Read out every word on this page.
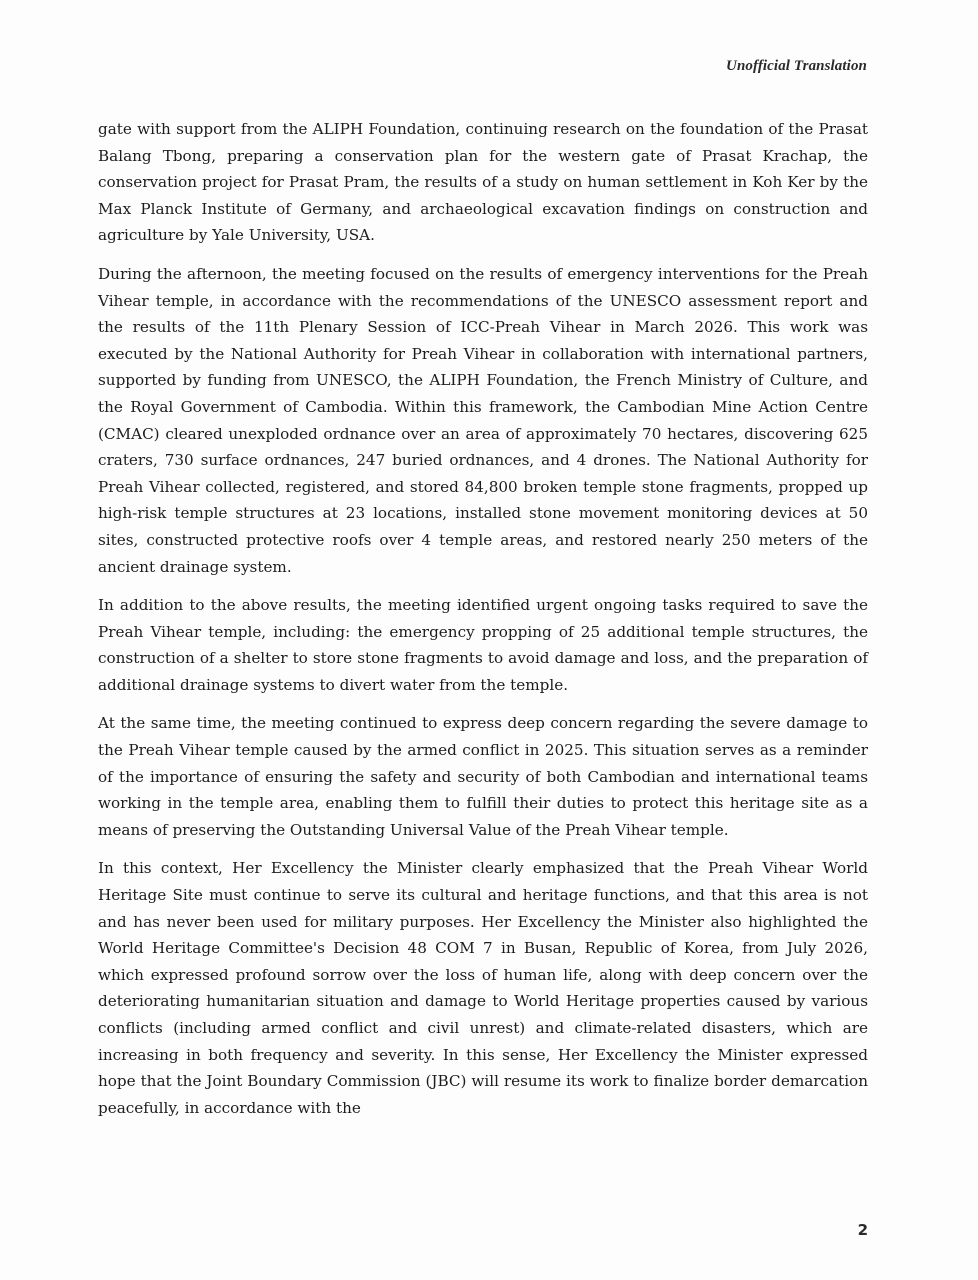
Unofficial Translation

gate with support from the ALIPH Foundation, continuing research on the foundation of the Prasat Balang Tbong, preparing a conservation plan for the western gate of Prasat Krachap, the conservation project for Prasat Pram, the results of a study on human settlement in Koh Ker by the Max Planck Institute of Germany, and archaeological excavation findings on construction and agriculture by Yale University, USA.

During the afternoon, the meeting focused on the results of emergency interventions for the Preah Vihear temple, in accordance with the recommendations of the UNESCO assessment report and the results of the 11th Plenary Session of ICC-Preah Vihear in March 2026. This work was executed by the National Authority for Preah Vihear in collaboration with international partners, supported by funding from UNESCO, the ALIPH Foundation, the French Ministry of Culture, and the Royal Government of Cambodia. Within this framework, the Cambodian Mine Action Centre (CMAC) cleared unexploded ordnance over an area of approximately 70 hectares, discovering 625 craters, 730 surface ordnances, 247 buried ordnances, and 4 drones. The National Authority for Preah Vihear collected, registered, and stored 84,800 broken temple stone fragments, propped up high-risk temple structures at 23 locations, installed stone movement monitoring devices at 50 sites, constructed protective roofs over 4 temple areas, and restored nearly 250 meters of the ancient drainage system.

In addition to the above results, the meeting identified urgent ongoing tasks required to save the Preah Vihear temple, including: the emergency propping of 25 additional temple structures, the construction of a shelter to store stone fragments to avoid damage and loss, and the preparation of additional drainage systems to divert water from the temple.

At the same time, the meeting continued to express deep concern regarding the severe damage to the Preah Vihear temple caused by the armed conflict in 2025. This situation serves as a reminder of the importance of ensuring the safety and security of both Cambodian and international teams working in the temple area, enabling them to fulfill their duties to protect this heritage site as a means of preserving the Outstanding Universal Value of the Preah Vihear temple.

In this context, Her Excellency the Minister clearly emphasized that the Preah Vihear World Heritage Site must continue to serve its cultural and heritage functions, and that this area is not and has never been used for military purposes. Her Excellency the Minister also highlighted the World Heritage Committee's Decision 48 COM 7 in Busan, Republic of Korea, from July 2026, which expressed profound sorrow over the loss of human life, along with deep concern over the deteriorating humanitarian situation and damage to World Heritage properties caused by various conflicts (including armed conflict and civil unrest) and climate-related disasters, which are increasing in both frequency and severity. In this sense, Her Excellency the Minister expressed hope that the Joint Boundary Commission (JBC) will resume its work to finalize border demarcation peacefully, in accordance with the

2
